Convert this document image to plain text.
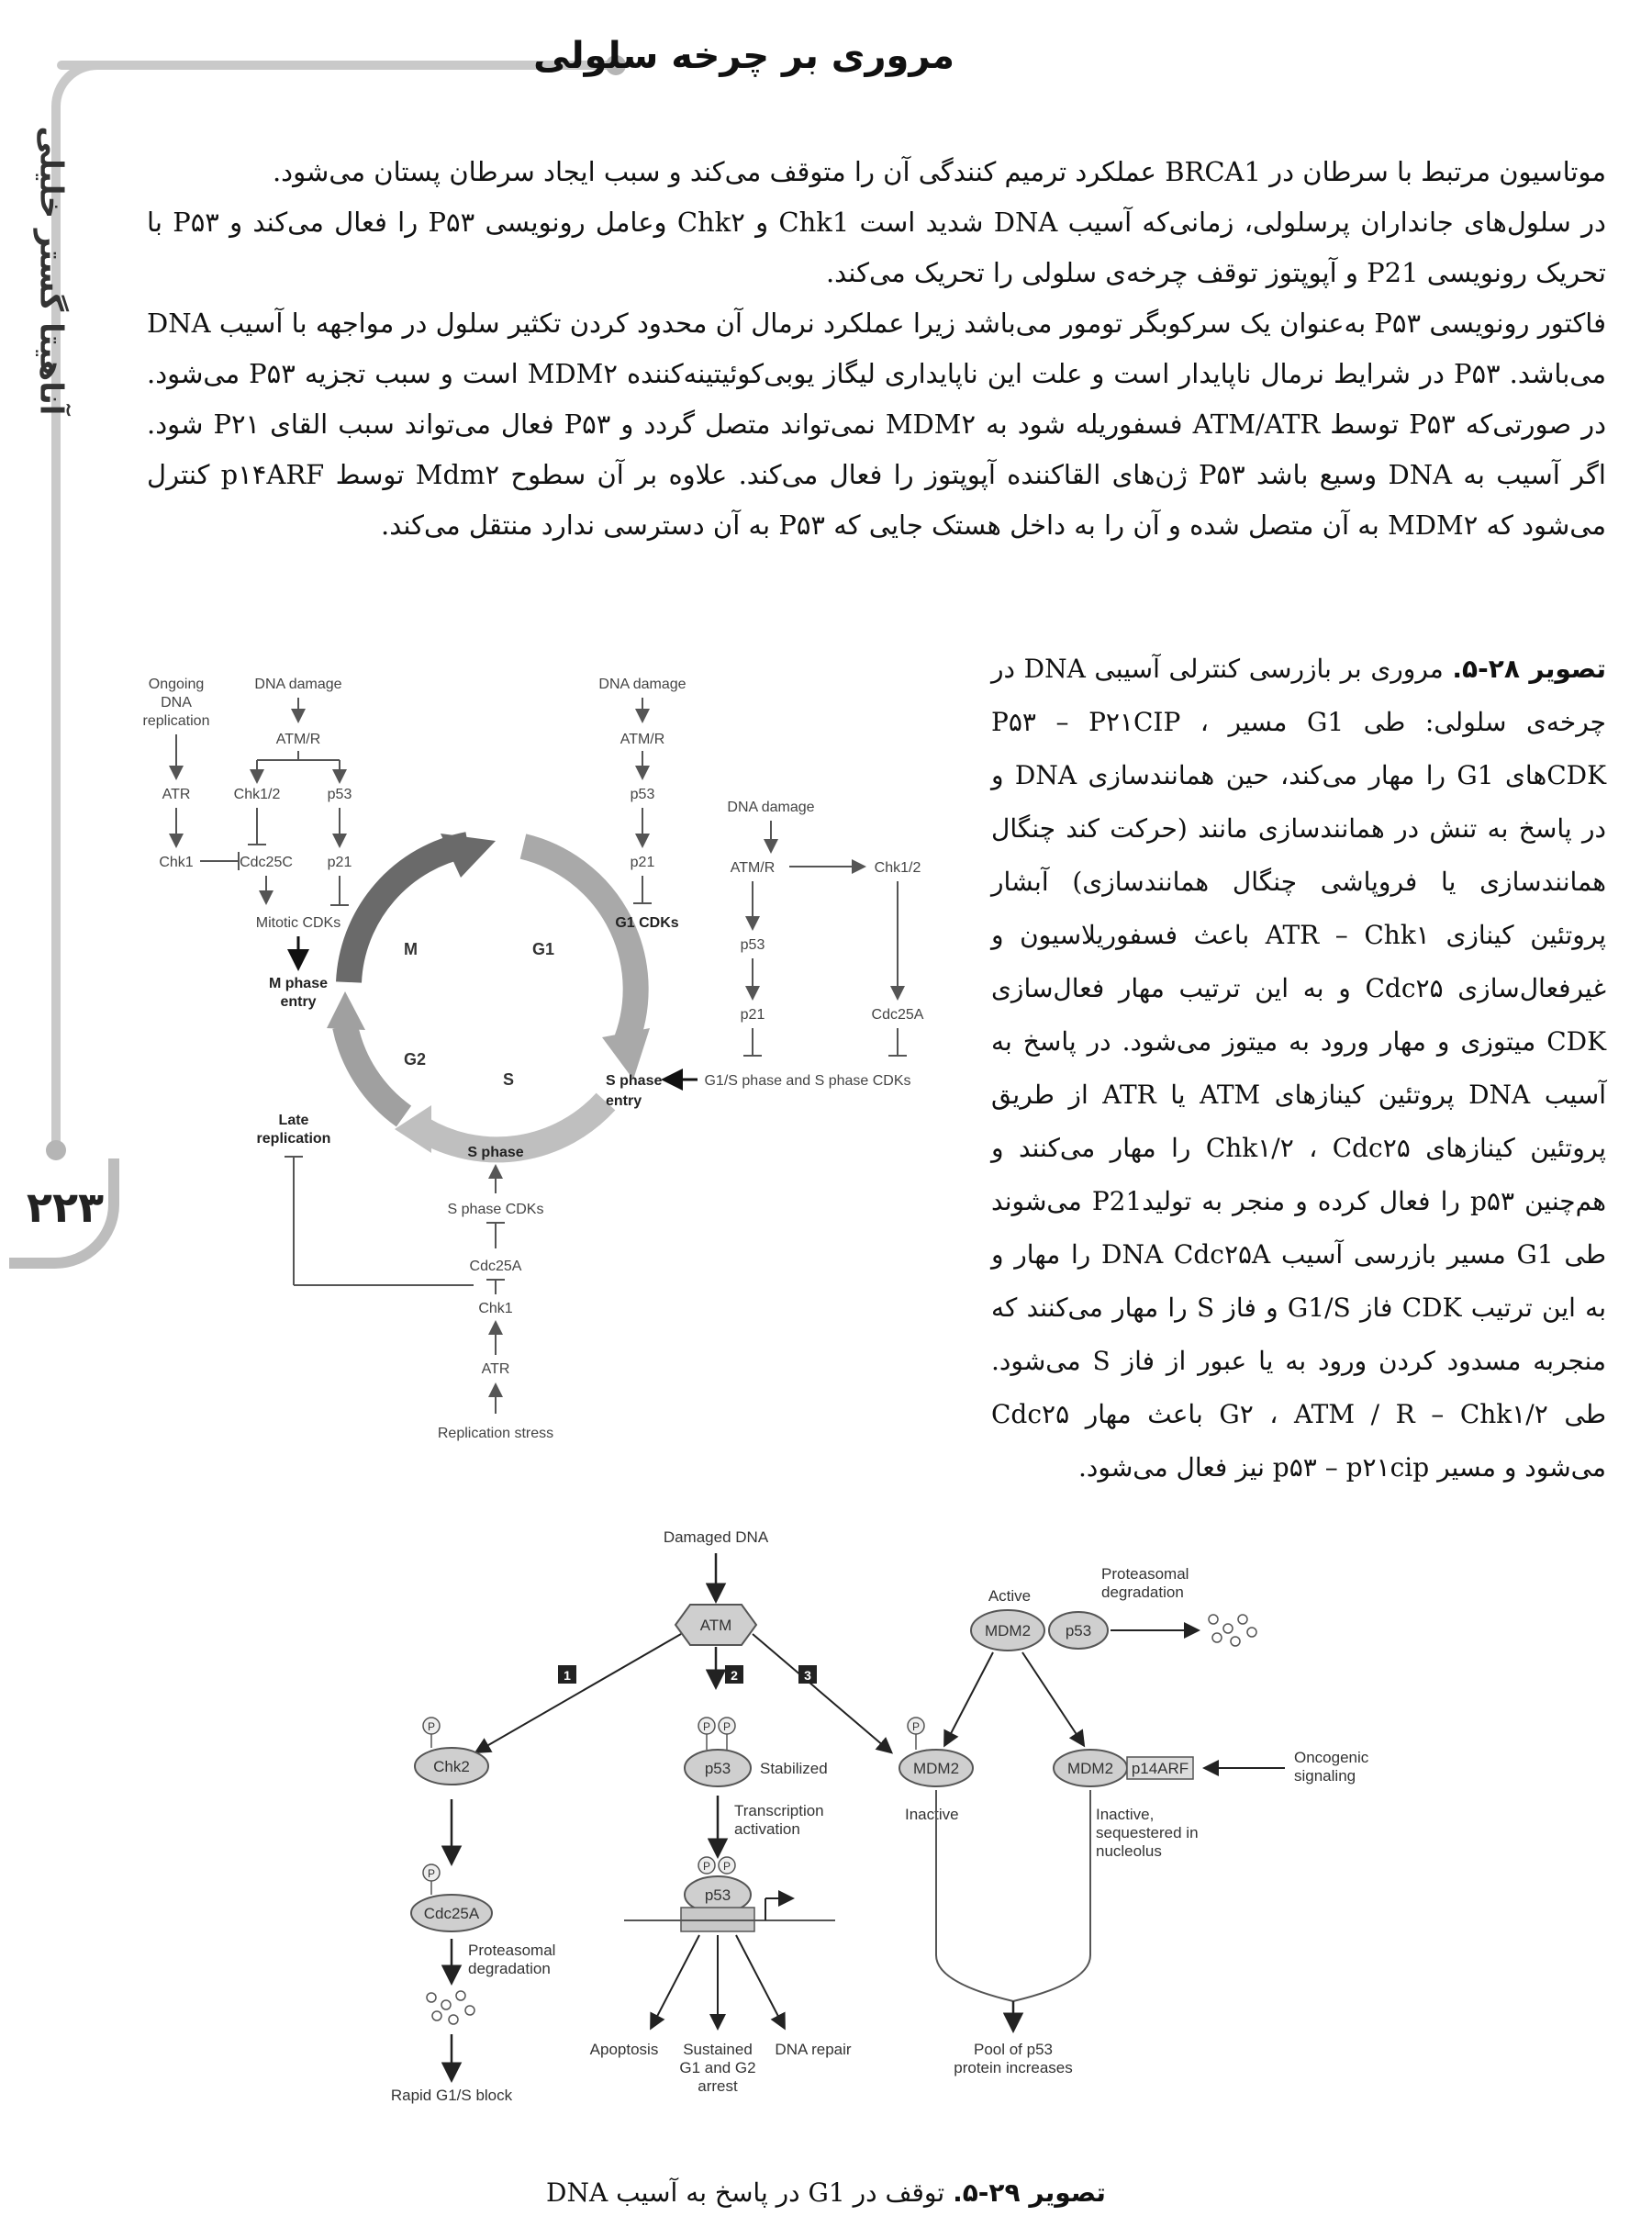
۲۲۳
آناهیتا گستر خلیلی
مروری بر چرخه سلولی

موتاسیون مرتبط با سرطان در BRCA1 عملکرد ترمیم کنندگی آن را متوقف می‌کند و سبب ایجاد سرطان پستان می‌شود.

در سلول‌های جانداران پرسلولی، زمانی‌که آسیب DNA شدید است Chk1 و Chk۲ وعامل رونویسی P۵۳ را فعال می‌کند و P۵۳ با تحریک رونویسی P21 و آپوپتوز توقف چرخه‌ی سلولی را تحریک می‌کند.

فاکتور رونویسی P۵۳ به‌عنوان یک سرکوبگر تومور می‌باشد زیرا عملکرد نرمال آن محدود کردن تکثیر سلول در مواجهه با آسیب DNA می‌باشد. P۵۳ در شرایط نرمال ناپایدار است و علت این ناپایداری لیگاز یوبی‌کوئیتینه‌کننده MDM۲ است و سبب تجزیه P۵۳ می‌شود. در صورتی‌که P۵۳ توسط ATM/ATR فسفوریله شود به MDM۲ نمی‌تواند متصل گردد و P۵۳ فعال می‌تواند سبب القای P۲۱ شود. اگر آسیب به DNA وسیع باشد P۵۳ ژن‌های القاکننده آپوپتوز را فعال می‌کند. علاوه بر آن سطوح Mdm۲ توسط p۱۴ARF کنترل می‌شود که MDM۲ به آن متصل شده و آن را به داخل هستک جایی که P۵۳ به آن دسترسی ندارد منتقل می‌کند.

Ongoing
DNA
replication
ATR
Chk1
DNA damage
ATM/R
Chk1/2	p53
Cdc25C p21
Mitotic CDKs
M phase
entry
M	G1
G2
S
DNA damage
ATM/R
p53
p21
G1 CDKs
DNA damage
ATM/R	Chk1/2
p53
p21	Cdc25A
G1/S phase and S phase CDKs
S phase
entry
Late
replication
S phase
S phase CDKs
Cdc25A
Chk1
ATR
Replication stress
تصویر ۲۸-۵. مروری بر بازرسی کنترلی آسیبی DNA در چرخه‌ی سلولی: طی G1 مسیر P۵۳ – P۲۱CIP ، CDKهای G1 را مهار می‌کند، حین همانندسازی DNA و در پاسخ به تنش در همانندسازی مانند (حرکت کند چنگال همانندسازی یا فروپاشی چنگال همانندسازی) آبشار پروتئین کینازی ATR – Chk۱ باعث فسفوریلاسیون و غیرفعال‌سازی Cdc۲۵ و به این ترتیب مهار فعال‌سازی CDK میتوزی و مهار ورود به میتوز می‌شود. در پاسخ به آسیب DNA پروتئین کینازهای ATM یا ATR از طریق پروتئین کینازهای Chk۱/۲ ، Cdc۲۵ را مهار می‌کنند و هم‌چنین p۵۳ را فعال کرده و منجر به تولیدP21 می‌شوند طی G1 مسیر بازرسی آسیب DNA Cdc۲۵A را مهار و به این ترتیب CDK فاز G1/S و فاز S را مهار می‌کنند که منجربه مسدود کردن ورود به یا عبور از فاز S می‌شود. طی G۲ ، ATM / R – Chk۱/۲ باعث مهار Cdc۲۵ می‌شود و مسیر p۵۳ – p۲۱cip نیز فعال می‌شود.
Damaged DNA
ATM
1	2	3
Active
MDM2 p53
Proteasomal
degradation
P
Chk2
P
Cdc25A
Proteasomal
degradation
Rapid G1/S block
P P
p53 Stabilized
Transcription
activation
P P
p53
Apoptosis Sustained
G1 and G2
arrest
DNA repair
P
MDM2
Inactive
MDM2 p14ARF
Oncogenic
signaling
Inactive,
sequestered in
nucleolus
Pool of p53
protein increases
تصویر ۲۹-۵. توقف در G1 در پاسخ به آسیب DNA
